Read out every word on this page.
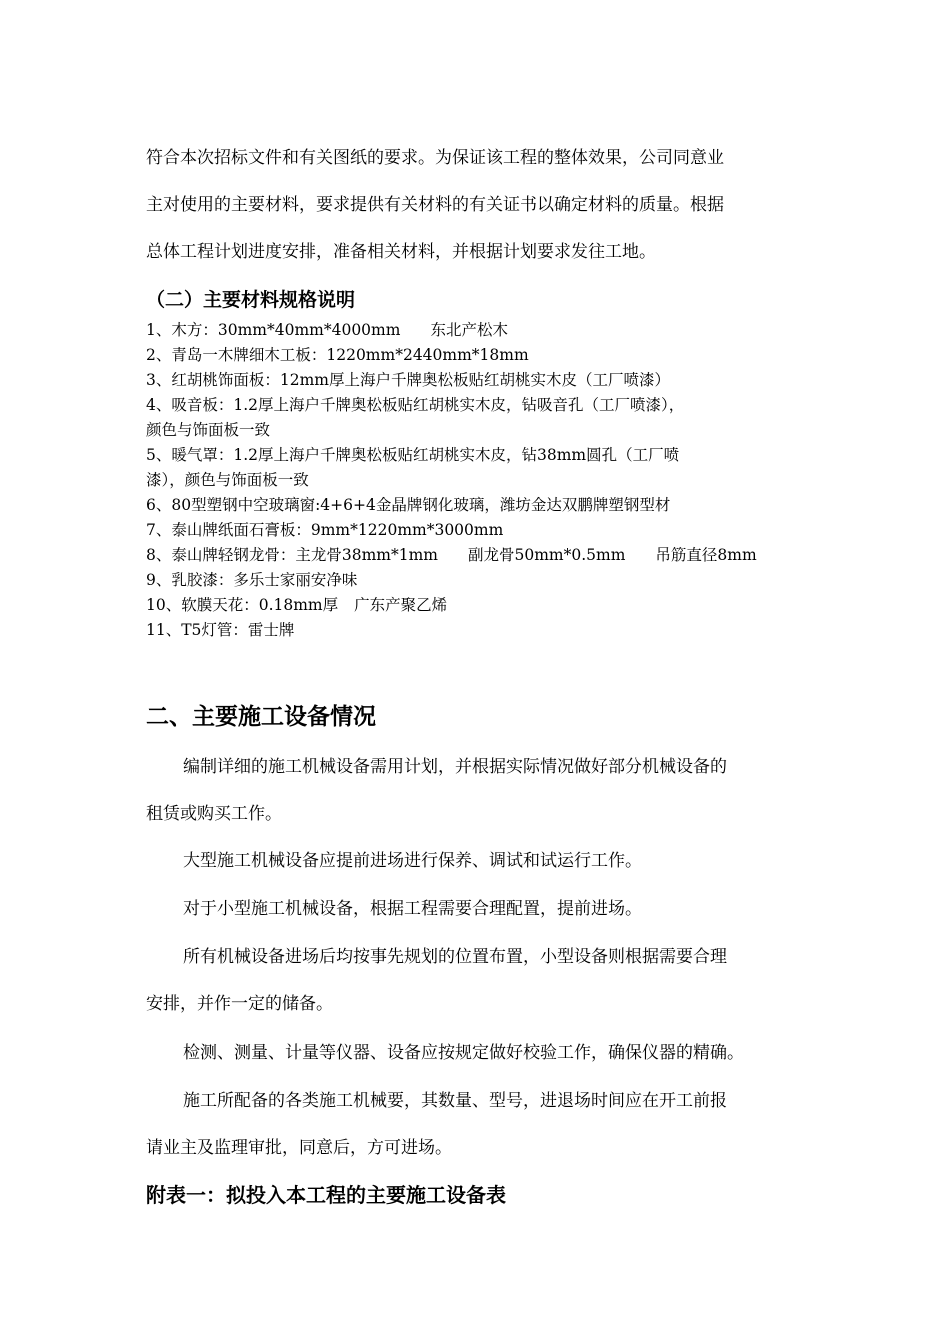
符合本次招标文件和有关图纸的要求。为保证该工程的整体效果，公司同意业
主对使用的主要材料，要求提供有关材料的有关证书以确定材料的质量。根据
总体工程计划进度安排，准备相关材料，并根据计划要求发往工地。
（二）主要材料规格说明
1、木方：30mm*40mm*4000mm 东北产松木
2、青岛一木牌细木工板：1220mm*2440mm*18mm
3、红胡桃饰面板：12mm厚上海户千牌奥松板贴红胡桃实木皮（工厂喷漆）
4、吸音板：1.2厚上海户千牌奥松板贴红胡桃实木皮，钻吸音孔（工厂喷漆），
颜色与饰面板一致
5、暖气罩：1.2厚上海户千牌奥松板贴红胡桃实木皮，钻38mm圆孔（工厂喷
漆），颜色与饰面板一致
6、80型塑钢中空玻璃窗:4+6+4金晶牌钢化玻璃，潍坊金达双鹏牌塑钢型材
7、泰山牌纸面石膏板：9mm*1220mm*3000mm
8、泰山牌轻钢龙骨：主龙骨38mm*1mm 副龙骨50mm*0.5mm 吊筋直径8mm
9、乳胶漆：多乐士家丽安净味
10、软膜天花：0.18mm厚 广东产聚乙烯
11、T5灯管：雷士牌
二、主要施工设备情况
编制详细的施工机械设备需用计划，并根据实际情况做好部分机械设备的
租赁或购买工作。
大型施工机械设备应提前进场进行保养、调试和试运行工作。
对于小型施工机械设备，根据工程需要合理配置，提前进场。
所有机械设备进场后均按事先规划的位置布置，小型设备则根据需要合理
安排，并作一定的储备。
检测、测量、计量等仪器、设备应按规定做好校验工作，确保仪器的精确。
施工所配备的各类施工机械要，其数量、型号，进退场时间应在开工前报
请业主及监理审批，同意后，方可进场。
附表一：拟投入本工程的主要施工设备表
